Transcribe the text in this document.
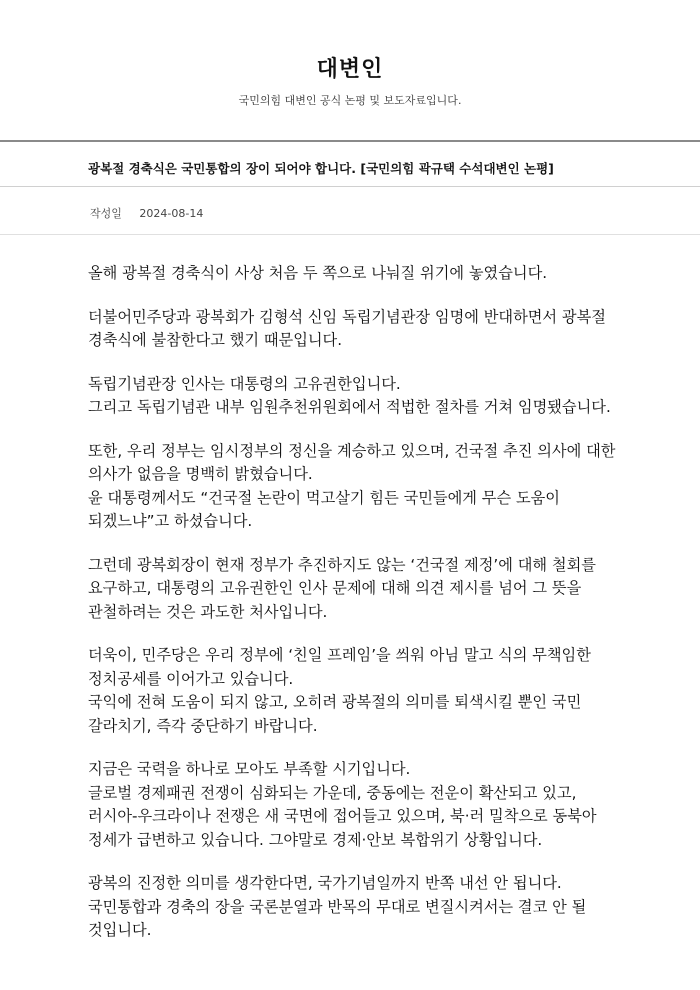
대변인
국민의힘 대변인 공식 논평 및 보도자료입니다.
광복절 경축식은 국민통합의 장이 되어야 합니다. [국민의힘 곽규택 수석대변인 논평]
작성일 2024-08-14

올해 광복절 경축식이 사상 처음 두 쪽으로 나눠질 위기에 놓였습니다.

더불어민주당과 광복회가 김형석 신임 독립기념관장 임명에 반대하면서 광복절 경축식에 불참한다고 했기 때문입니다.

독립기념관장 인사는 대통령의 고유권한입니다.
그리고 독립기념관 내부 임원추천위원회에서 적법한 절차를 거쳐 임명됐습니다.

또한, 우리 정부는 임시정부의 정신을 계승하고 있으며, 건국절 추진 의사에 대한 의사가 없음을 명백히 밝혔습니다.
윤 대통령께서도 “건국절 논란이 먹고살기 힘든 국민들에게 무슨 도움이 되겠느냐”고 하셨습니다.

그런데 광복회장이 현재 정부가 추진하지도 않는 ‘건국절 제정’에 대해 철회를 요구하고, 대통령의 고유권한인 인사 문제에 대해 의견 제시를 넘어 그 뜻을 관철하려는 것은 과도한 처사입니다.

더욱이, 민주당은 우리 정부에 ‘친일 프레임’을 씌워 아님 말고 식의 무책임한 정치공세를 이어가고 있습니다.
국익에 전혀 도움이 되지 않고, 오히려 광복절의 의미를 퇴색시킬 뿐인 국민 갈라치기, 즉각 중단하기 바랍니다.

지금은 국력을 하나로 모아도 부족할 시기입니다.
글로벌 경제패권 전쟁이 심화되는 가운데, 중동에는 전운이 확산되고 있고, 러시아-우크라이나 전쟁은 새 국면에 접어들고 있으며, 북·러 밀착으로 동북아 정세가 급변하고 있습니다. 그야말로 경제·안보 복합위기 상황입니다.

광복의 진정한 의미를 생각한다면, 국가기념일까지 반쪽 내선 안 됩니다.
국민통합과 경축의 장을 국론분열과 반목의 무대로 변질시켜서는 결코 안 될 것입니다.
